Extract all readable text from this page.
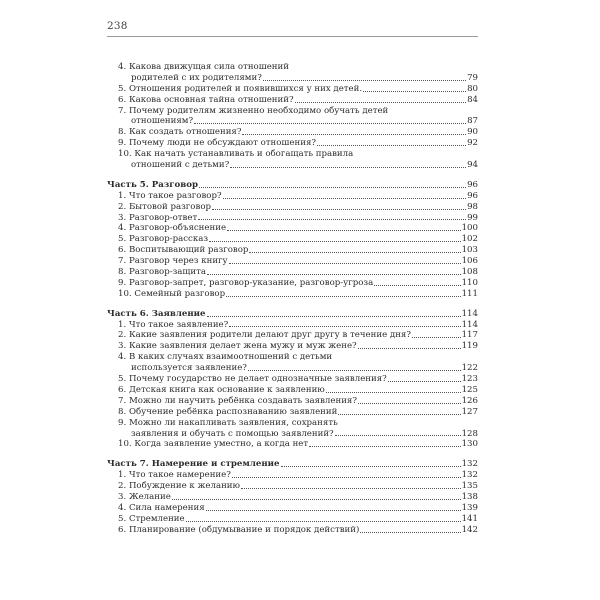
238
4. Какова движущая сила отношений
родителей с их родителями?	79
5. Отношения родителей и появившихся у них детей.	80
6. Какова основная тайна отношений?	84
7. Почему родителям жизненно необходимо обучать детей
отношениям?	87
8. Как создать отношения?	90
9. Почему люди не обсуждают отношения?	92
10. Как начать устанавливать и обогащать правила
отношений с детьми?	94
Часть 5. Разговор	96
1. Что такое разговор?	96
2. Бытовой разговор	98
3. Разговор-ответ	99
4. Разговор-объяснение	100
5. Разговор-рассказ	102
6. Воспитывающий разговор	103
7. Разговор через книгу	106
8. Разговор-защита	108
9. Разговор-запрет, разговор-указание, разговор-угроза	110
10. Семейный разговор	111
Часть 6. Заявление	114
1. Что такое заявление?	114
2. Какие заявления родители делают друг другу в течение дня?	117
3. Какие заявления делает жена мужу и муж жене?	119
4. В каких случаях взаимоотношений с детьми
используется заявление?	122
5. Почему государство не делает однозначные заявления?	123
6. Детская книга как основание к заявлению	125
7. Можно ли научить ребёнка создавать заявления?	126
8. Обучение ребёнка распознаванию заявлений	127
9. Можно ли накапливать заявления, сохранять
заявления и обучать с помощью заявлений?	128
10. Когда заявление уместно, а когда нет	130
Часть 7. Намерение и стремление	132
1. Что такое намерение?	132
2. Побуждение к желанию	135
3. Желание	138
4. Сила намерения	139
5. Стремление	141
6. Планирование (обдумывание и порядок действий)	142
